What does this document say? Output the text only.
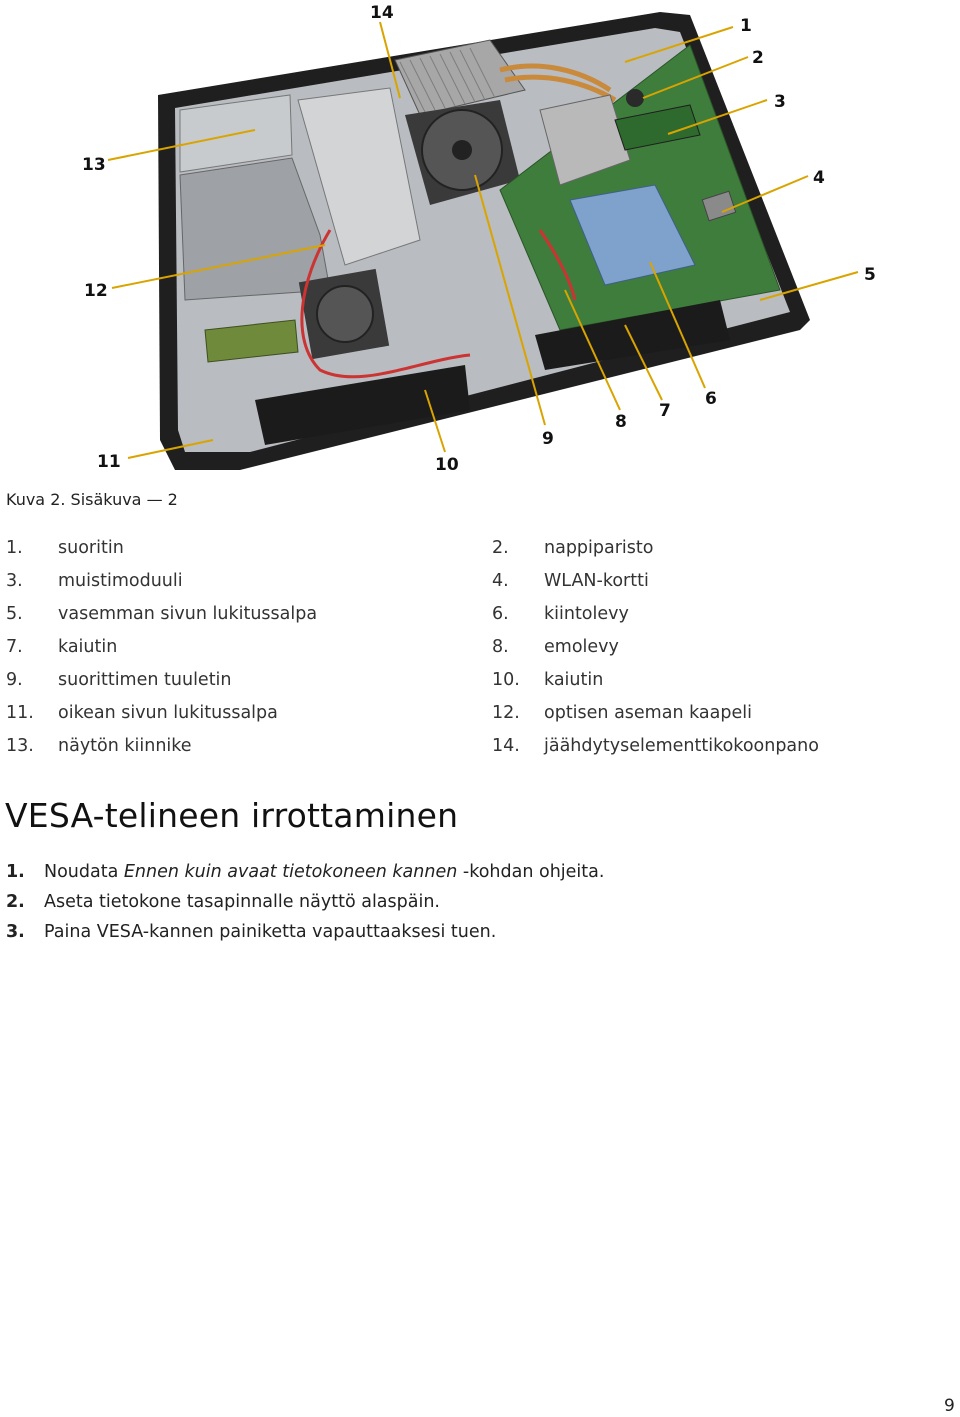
1
2
3
4
5
6
7
8
9
10
11
12
13
14
Kuva 2. Sisäkuva — 2
1. suoritin	2. nappiparisto
3. muistimoduuli	4. WLAN-kortti
5. vasemman sivun lukitussalpa	6. kiintolevy
7. kaiutin	8. emolevy
9. suorittimen tuuletin	10. kaiutin
11. oikean sivun lukitussalpa	12. optisen aseman kaapeli
13. näytön kiinnike	14. jäähdytyselementtikokoonpano
VESA-telineen irrottaminen
1. Noudata Ennen kuin avaat tietokoneen kannen -kohdan ohjeita.
2. Aseta tietokone tasapinnalle näyttö alaspäin.
3. Paina VESA-kannen painiketta vapauttaaksesi tuen.
9
